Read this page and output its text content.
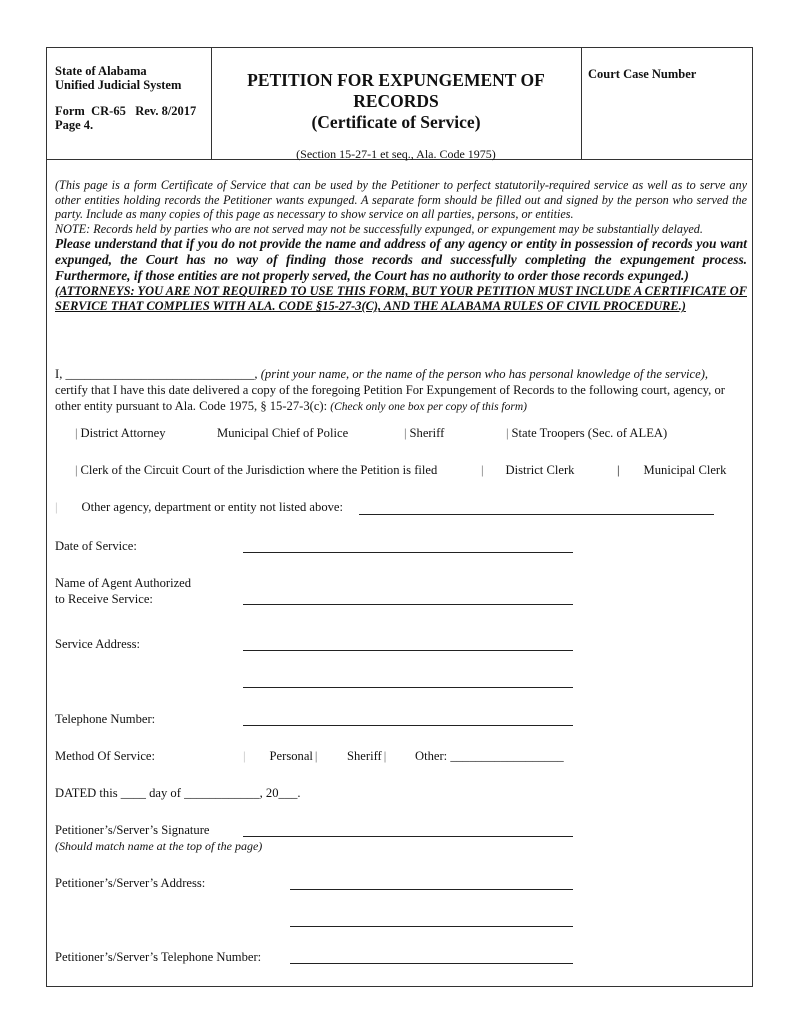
State of Alabama
Unified Judicial System
Form  CR-65   Rev. 8/2017
Page 4.
PETITION FOR EXPUNGEMENT OF
RECORDS
(Certificate of Service)
(Section 15-27-1 et seq., Ala. Code 1975)
Court Case Number
(This page is a form Certificate of Service that can be used by the Petitioner to perfect statutorily-required service as well as to serve any other entities holding records the Petitioner wants expunged. A separate form should be filled out and signed by the person who served the party. Include as many copies of this page as necessary to show service on all parties, persons, or entities.
NOTE: Records held by parties who are not served may not be successfully expunged, or expungement may be substantially delayed.
Please understand that if you do not provide the name and address of any agency or entity in possession of records you want expunged, the Court has no way of finding those records and successfully completing the expungement process. Furthermore, if those entities are not properly served, the Court has no authority to order those records expunged.)
(ATTORNEYS: YOU ARE NOT REQUIRED TO USE THIS FORM, BUT YOUR PETITION MUST INCLUDE A CERTIFICATE OF SERVICE THAT COMPLIES WITH ALA. CODE §15-27-3(C), AND THE ALABAMA RULES OF CIVIL PROCEDURE.)
I, ______________________________, (print your name, or the name of the person who has personal knowledge of the service),
certify that I have this date delivered a copy of the foregoing Petition For Expungement of Records to the following court, agency, or other entity pursuant to Ala. Code 1975, § 15-27-3(c): (Check only one box per copy of this form)
| District Attorney	Municipal Chief of Police	| Sheriff	| State Troopers (Sec. of ALEA)
| Clerk of the Circuit Court of the Jurisdiction where the Petition is filed	| District Clerk	| Municipal Clerk
| Other agency, department or entity not listed above:
Date of Service:
Name of Agent Authorized
to Receive Service:
Service Address:
Telephone Number:
Method Of Service:	| Personal | Sheriff | Other: __________________
DATED this ____ day of ____________, 20___.
Petitioner’s/Server’s Signature
(Should match name at the top of the page)
Petitioner’s/Server’s Address:
Petitioner’s/Server’s Telephone Number:
